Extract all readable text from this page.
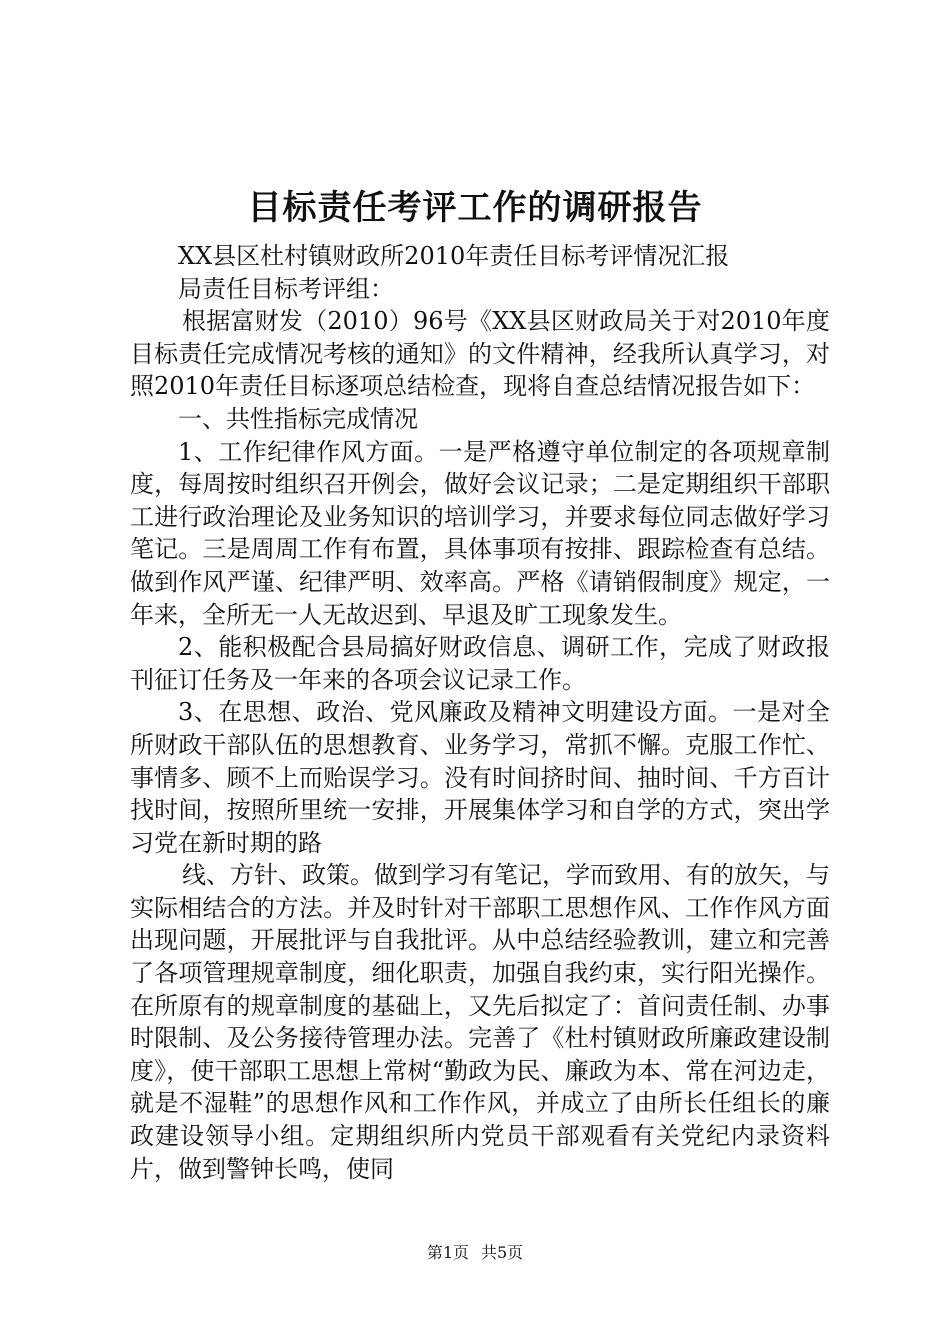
目标责任考评工作的调研报告

XX县区杜村镇财政所2010年责任目标考评情况汇报

局责任目标考评组：

根据富财发（2010）96号《XX县区财政局关于对2010年度目标责任完成情况考核的通知》的文件精神，经我所认真学习，对照2010年责任目标逐项总结检查，现将自查总结情况报告如下：

一、共性指标完成情况

1、工作纪律作风方面。一是严格遵守单位制定的各项规章制度，每周按时组织召开例会，做好会议记录；二是定期组织干部职工进行政治理论及业务知识的培训学习，并要求每位同志做好学习笔记。三是周周工作有布置，具体事项有按排、跟踪检查有总结。做到作风严谨、纪律严明、效率高。严格《请销假制度》规定，一年来，全所无一人无故迟到、早退及旷工现象发生。

2、能积极配合县局搞好财政信息、调研工作，完成了财政报刊征订任务及一年来的各项会议记录工作。

3、在思想、政治、党风廉政及精神文明建设方面。一是对全所财政干部队伍的思想教育、业务学习，常抓不懈。克服工作忙、事情多、顾不上而贻误学习。没有时间挤时间、抽时间、千方百计找时间，按照所里统一安排，开展集体学习和自学的方式，突出学习党在新时期的路

线、方针、政策。做到学习有笔记，学而致用、有的放矢，与实际相结合的方法。并及时针对干部职工思想作风、工作作风方面出现问题，开展批评与自我批评。从中总结经验教训，建立和完善了各项管理规章制度，细化职责，加强自我约束，实行阳光操作。在所原有的规章制度的基础上，又先后拟定了：首问责任制、办事时限制、及公务接待管理办法。完善了《杜村镇财政所廉政建设制度》，使干部职工思想上常树“勤政为民、廉政为本、常在河边走，就是不湿鞋”的思想作风和工作作风，并成立了由所长任组长的廉政建设领导小组。定期组织所内党员干部观看有关党纪内录资料片，做到警钟长鸣，使同

第1页 共5页
